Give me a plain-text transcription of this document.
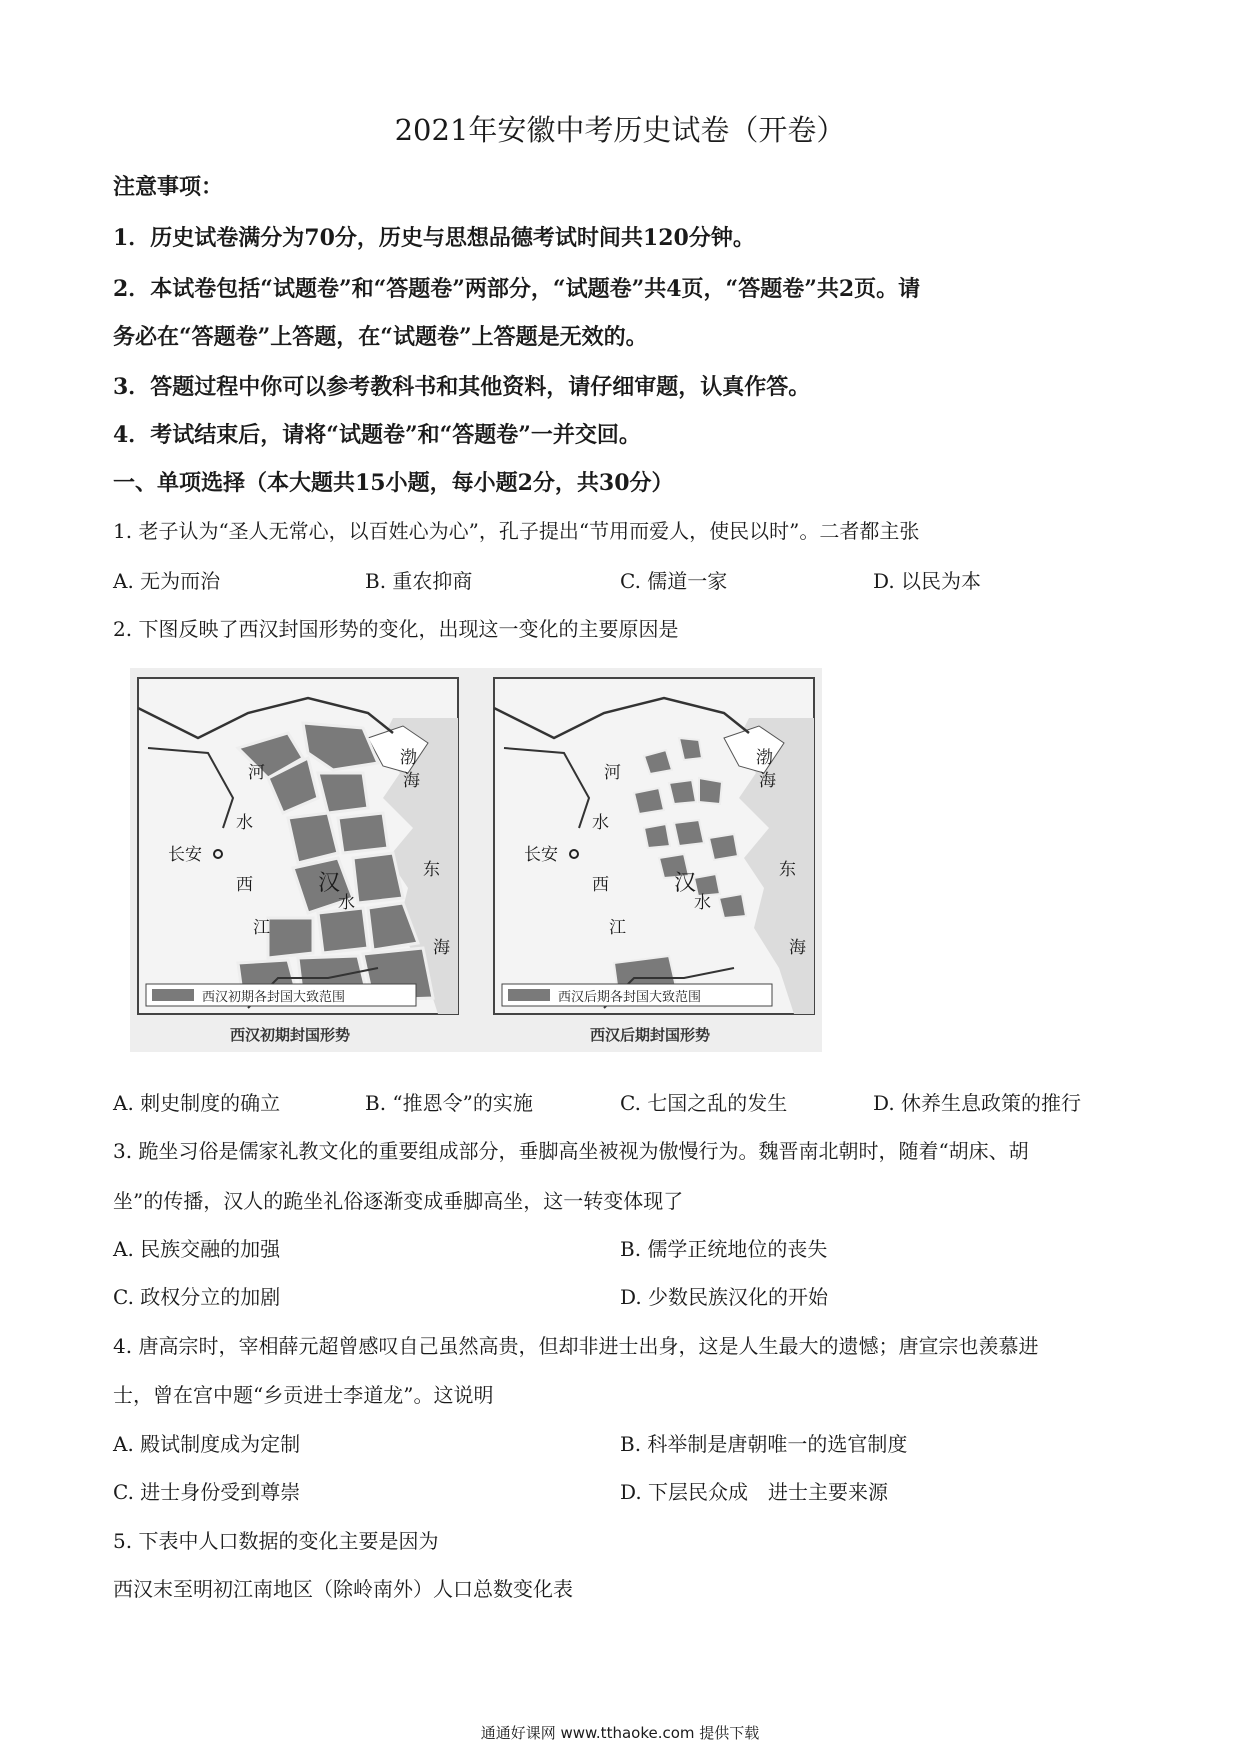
2021年安徽中考历史试卷（开卷）
注意事项：
1．历史试卷满分为70分，历史与思想品德考试时间共120分钟。
2．本试卷包括“试题卷”和“答题卷”两部分，“试题卷”共4页，“答题卷”共2页。请
务必在“答题卷”上答题，在“试题卷”上答题是无效的。
3．答题过程中你可以参考教科书和其他资料，请仔细审题，认真作答。
4．考试结束后，请将“试题卷”和“答题卷”一并交回。
一、单项选择（本大题共15小题，每小题2分，共30分）
1. 老子认为“圣人无常心，以百姓心为心”，孔子提出“节用而爱人，使民以时”。二者都主张
A. 无为而治	B. 重农抑商	C. 儒道一家	D. 以民为本
2. 下图反映了西汉封国形势的变化，出现这一变化的主要原因是
长安
西	汉
江
河
水
水
东
海
渤
海
西汉初期各封国大致范围
西汉初期封国形势
长安
西	汉
江
河
水
水
东
海
渤
海
西汉后期各封国大致范围
西汉后期封国形势
A. 刺史制度的确立	B. “推恩令”的实施	C. 七国之乱的发生	D. 休养生息政策的推行
3. 跪坐习俗是儒家礼教文化的重要组成部分，垂脚高坐被视为傲慢行为。魏晋南北朝时，随着“胡床、胡
坐”的传播，汉人的跪坐礼俗逐渐变成垂脚高坐，这一转变体现了
A. 民族交融的加强	B. 儒学正统地位的丧失
C. 政权分立的加剧	D. 少数民族汉化的开始
4. 唐高宗时，宰相薛元超曾感叹自己虽然高贵，但却非进士出身，这是人生最大的遗憾；唐宣宗也羡慕进
士，曾在宫中题“乡贡进士李道龙”。这说明
A. 殿试制度成为定制	B. 科举制是唐朝唯一的选官制度
C. 进士身份受到尊崇	D. 下层民众成　进士主要来源
5. 下表中人口数据的变化主要是因为
西汉末至明初江南地区（除岭南外）人口总数变化表
通通好课网 www.tthaoke.com 提供下载
